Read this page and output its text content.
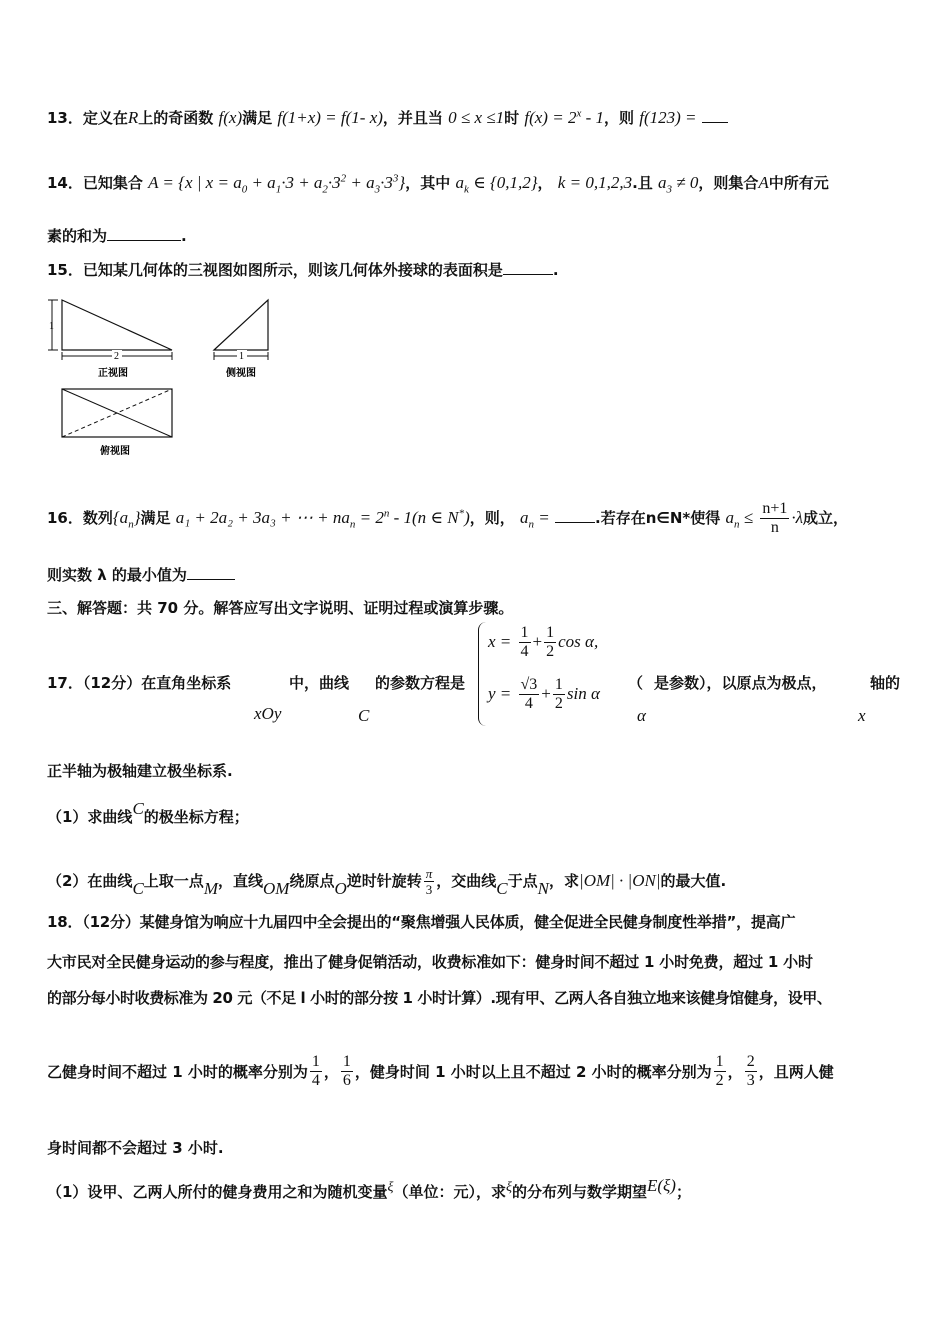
13．定义在R上的奇函数 f(x)满足 f(1+x) = f(1- x)，并且当 0 ≤ x ≤1时 $f(x) = 2^x - 1$，则 f(123) =
14．已知集合 A = {x | $x = a_0 + a_1\cdot 3 + a_2\cdot 3^2 + a_3\cdot 3^3$}，其中 $a_k$ ∈ {0,1,2}， k = 0,1,2,3.且 $a_3 \ne 0$，则集合A中所有元
素的和为	.
15．已知某几何体的三视图如图所示，则该几何体外接球的表面积是	.
1
2
正视图
1
侧视图
俯视图
16．数列$\{a_n\}$满足 a₁ + 2a₂ + 3a₃ + ⋯ + $na_n = 2^n - 1(n$ ∈ N*)，则， $a_n$ =	.若存在n∈N*使得 $a_n \le \frac{n+1}{n} \cdot\lambda$成立，
则实数 λ 的最小值为
三、解答题：共 70 分。解答应写出文字说明、证明过程或演算步骤。
17．（12分）在直角坐标系
xOy
中，曲线
C
的参数方程是
$x = \frac{1}{4} + \frac{1}{2}$ cos α,
$y = \frac{√3}{4} + \frac{1}{2}$ sin α
（
α
是参数），以原点为极点，
x
轴的
正半轴为极轴建立极坐标系.
（1）求曲线C的极坐标方程；
（2）在曲线C上取一点M，直线OM绕原点O逆时针旋转 $\frac{\pi}{3}$ ，交曲线C于点N，求|OM| · |ON|的最大值.
18．（12分）某健身馆为响应十九届四中全会提出的“聚焦增强人民体质，健全促进全民健身制度性举措”，提高广
大市民对全民健身运动的参与程度，推出了健身促销活动，收费标准如下：健身时间不超过 1 小时免费，超过 1 小时
的部分每小时收费标准为 20 元（不足 l 小时的部分按 1 小时计算）.现有甲、乙两人各自独立地来该健身馆健身，设甲、
乙健身时间不超过 1 小时的概率分别为 $\frac{1}{4}$ ， $\frac{1}{6}$ ，健身时间 1 小时以上且不超过 2 小时的概率分别为 $\frac{1}{2}$ ， $\frac{2}{3}$ ，且两人健
身时间都不会超过 3 小时.
（1）设甲、乙两人所付的健身费用之和为随机变量ξ（单位：元），求ξ的分布列与数学期望E(ξ)；
